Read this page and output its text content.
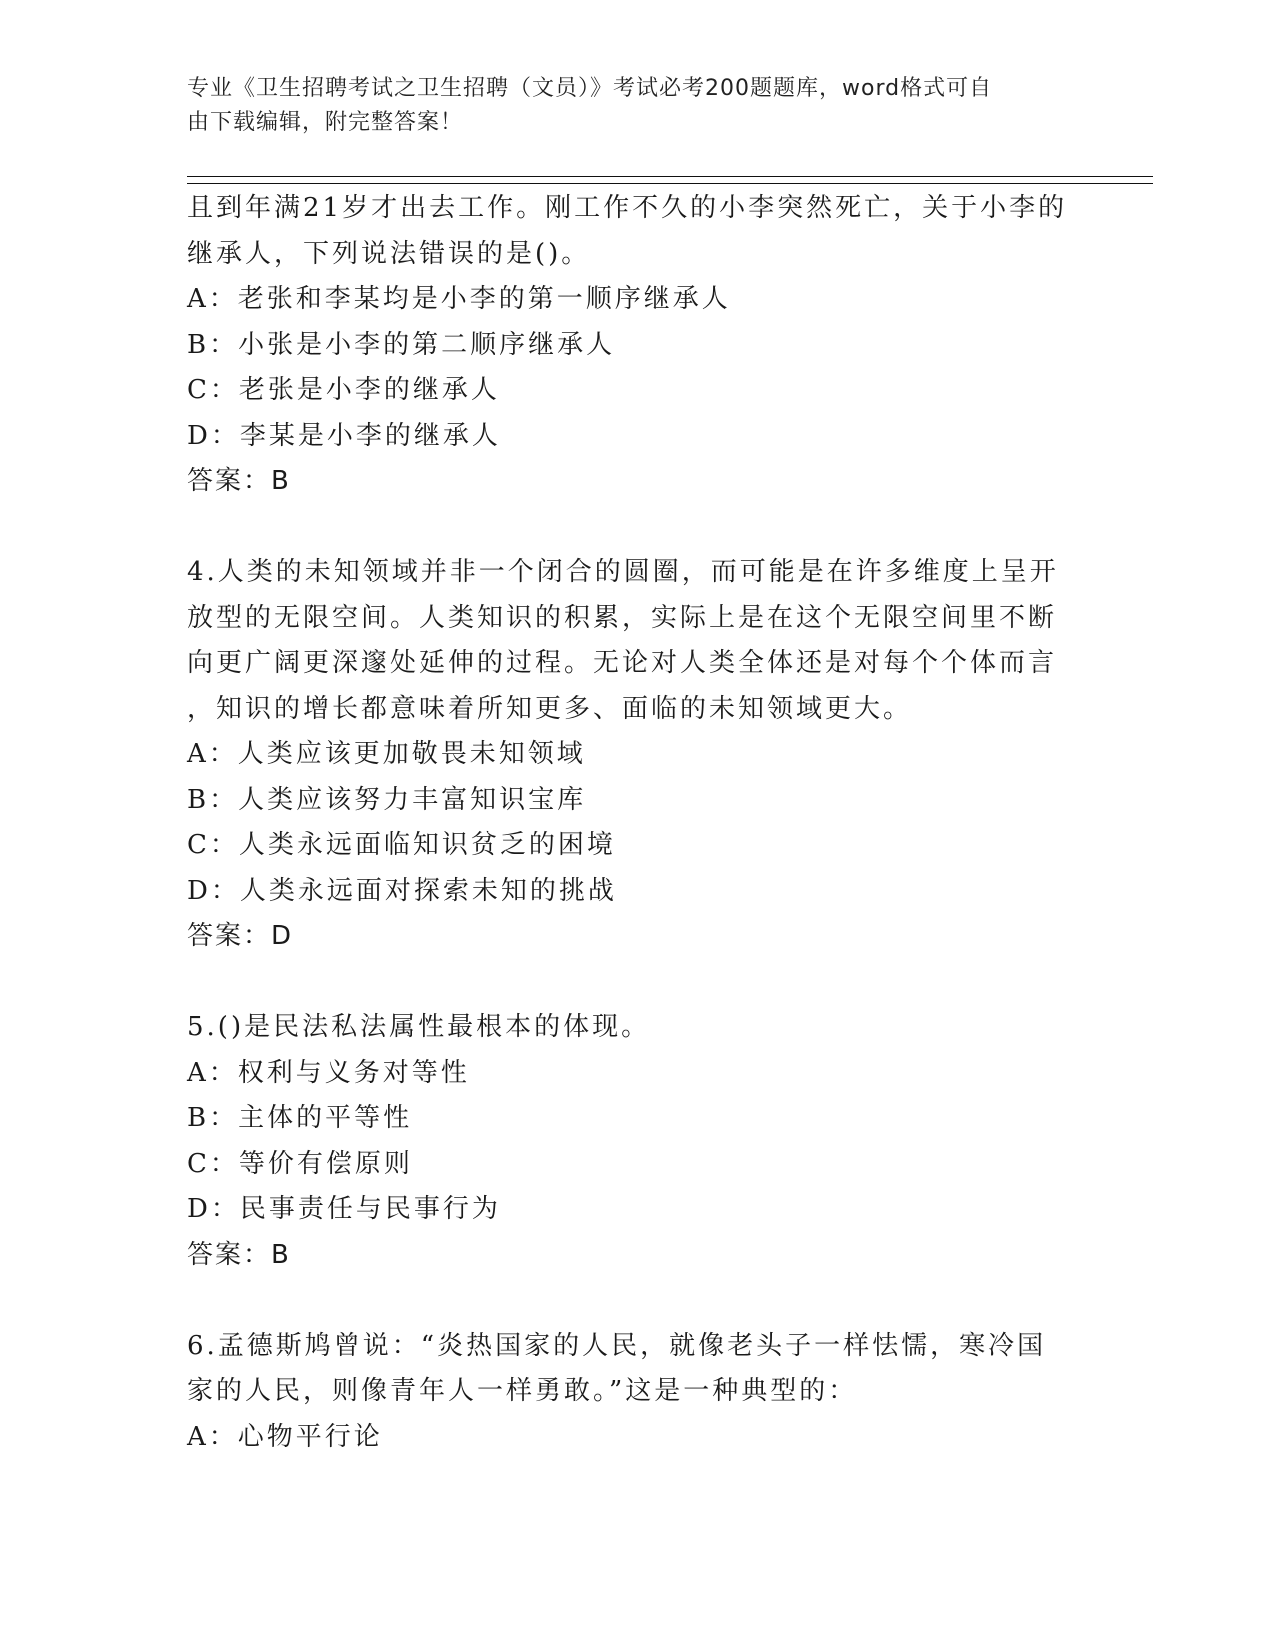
专业《卫生招聘考试之卫生招聘（文员）》考试必考200题题库，word格式可自
由下载编辑，附完整答案！
且到年满21岁才出去工作。刚工作不久的小李突然死亡，关于小李的
继承人，下列说法错误的是()。
A：老张和李某均是小李的第一顺序继承人
B：小张是小李的第二顺序继承人
C：老张是小李的继承人
D：李某是小李的继承人
答案：B
4.人类的未知领域并非一个闭合的圆圈，而可能是在许多维度上呈开
放型的无限空间。人类知识的积累，实际上是在这个无限空间里不断
向更广阔更深邃处延伸的过程。无论对人类全体还是对每个个体而言
，知识的增长都意味着所知更多、面临的未知领域更大。
A：人类应该更加敬畏未知领域
B：人类应该努力丰富知识宝库
C：人类永远面临知识贫乏的困境
D：人类永远面对探索未知的挑战
答案：D
5.()是民法私法属性最根本的体现。
A：权利与义务对等性
B：主体的平等性
C：等价有偿原则
D：民事责任与民事行为
答案：B
6.孟德斯鸠曾说：“炎热国家的人民，就像老头子一样怯懦，寒冷国
家的人民，则像青年人一样勇敢。”这是一种典型的：
A：心物平行论
